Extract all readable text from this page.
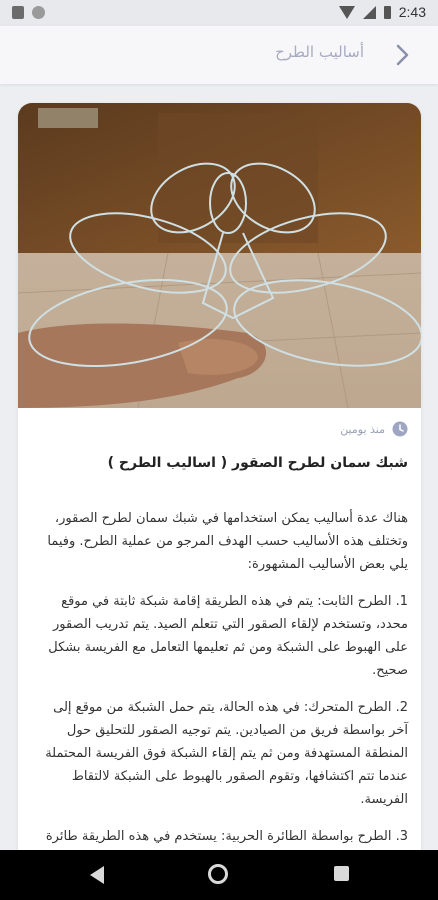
2:43
أساليب الطرح
منذ يومين
شبك سمان لطرح الصقور ( اساليب الطرح )

هناك عدة أساليب يمكن استخدامها في شبك سمان لطرح الصقور، وتختلف هذه الأساليب حسب الهدف المرجو من عملية الطرح. وفيما يلي بعض الأساليب المشهورة:

1. الطرح الثابت: يتم في هذه الطريقة إقامة شبكة ثابتة في موقع محدد، وتستخدم لإلقاء الصقور التي تتعلم الصيد. يتم تدريب الصقور على الهبوط على الشبكة ومن ثم تعليمها التعامل مع الفريسة بشكل صحيح.

2. الطرح المتحرك: في هذه الحالة، يتم حمل الشبكة من موقع إلى آخر بواسطة فريق من الصيادين. يتم توجيه الصقور للتحليق حول المنطقة المستهدفة ومن ثم يتم إلقاء الشبكة فوق الفريسة المحتملة عندما تتم اكتشافها، وتقوم الصقور بالهبوط على الشبكة لالتقاط الفريسة.

3. الطرح بواسطة الطائرة الحربية: يستخدم في هذه الطريقة طائرة
